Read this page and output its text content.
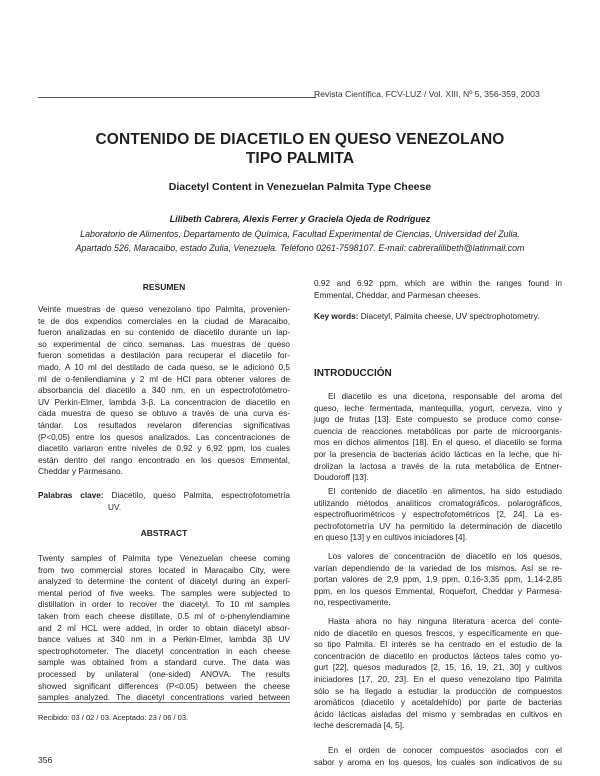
Revista Científica, FCV-LUZ / Vol. XIII, Nº 5, 356-359, 2003
CONTENIDO DE DIACETILO EN QUESO VENEZOLANO
TIPO PALMITA
Diacetyl Content in Venezuelan Palmita Type Cheese
Lilibeth Cabrera, Alexis Ferrer y Graciela Ojeda de Rodríguez
Laboratorio de Alimentos, Departamento de Química, Facultad Experimental de Ciencias, Universidad del Zulia.
Apartado 526, Maracaibo, estado Zulia, Venezuela. Teléfono 0261-7598107. E-mail: cabreralilibeth@latinmail.com
RESUMEN
Veinte muestras de queso venezolano tipo Palmita, provenien-
te de dos expendios comerciales en la ciudad de Maracaibo,
fueron analizadas en su contenido de diacetilo durante un lap-
so experimental de cinco semanas. Las muestras de queso
fueron sometidas a destilación para recuperar el diacetilo for-
mado. A 10 ml del destilado de cada queso, se le adicionó 0,5
ml de o-fenilendiamina y 2 ml de HCl para obtener valores de
absorbancia del diacetilo a 340 nm, en un espectrofotómetro-
UV Perkin-Elmer, lambda 3-β. La concentracion de diacetilo en
cada muestra de queso se obtuvo a través de una curva es-
tándar. Los resultados revelaron diferencias significativas
(P<0,05) entre los quesos analizados. Las concentraciones de
diacetilo variaron entre niveles de 0,92 y 6,92 ppm, los cuales
están dentro del rango encontrado en los quesos Emmental,
Cheddar y Parmesano.
Palabras clave: Diacetilo, queso Palmita, espectrofotometría
UV.
ABSTRACT
Twenty samples of Palmita type Venezuelan cheese coming
from two commercial stores located in Maracaibo City, were
analyzed to determine the content of diacetyl during an experi-
mental period of five weeks. The samples were subjected to
distillation in order to recover the diacetyl. To 10 ml samples
taken from each cheese distillate, 0.5 ml of o-phenylendiamine
and 2 ml HCL were added, in order to obtain diacetyl absor-
bance values at 340 nm in a Perkin-Elmer, lambda 3β UV
spectrophotometer. The diacetyl concentration in each cheese
sample was obtained from a standard curve. The data was
processed by unilateral (one-sided) ANOVA. The results
showed significant differences (P<0.05) between the cheese
samples analyzed. The diacetyl concentrations varied between
Recibido: 03 / 02 / 03. Aceptado: 23 / 06 / 03.
356
0.92 and 6.92 ppm, which are within the ranges found in
Emmental, Cheddar, and Parmesan cheeses.
Key words: Diacetyl, Palmita cheese, UV spectrophotometry.
INTRODUCCIÓN
El diacetilo es una dicetona, responsable del aroma del
queso, leche fermentada, mantequilla, yogurt, cerveza, vino y
jugo de frutas [13]. Este compuesto se produce como conse-
cuencia de reacciones metabólicas por parte de microorganis-
mos en dichos alimentos [18]. En el queso, el diacetilo se forma
por la presencia de bacterias ácido lácticas en la leche, que hi-
drolizan la lactosa a través de la ruta metabólica de Entner-
Doudoroff [13].
El contenido de diacetilo en alimentos, ha sido estudiado
utilizando métodos analíticos cromatográficos, polarográficos,
espectrofluorimétricos y espectrofotométricos [2, 24]. La es-
pectrofotometría UV ha permitido la determinación de diacetilo
en queso [13] y en cultivos iniciadores [4].
Los valores de concentración de diacetilo en los quesos,
varían dependiendo de la variedad de los mismos. Así se re-
portan valores de 2,9 ppm, 1,9 ppm, 0,16-3,35 ppm, 1,14-2,85
ppm, en los quesos Emmental, Roquefort, Cheddar y Parmesa-
no, respectivamente.
Hasta ahora no hay ninguna literatura acerca del conte-
nido de diacetilo en quesos frescos, y específicamente en que-
so tipo Palmita. El interés se ha centrado en el estudio de la
concentración de diacetilo en productos lácteos tales como yo-
gurt [22], quesos madurados [2, 15, 16, 19, 21, 30] y cultivos
iniciadores [17, 20, 23]. En el queso venezolano tipo Palmita
sólo se ha llegado a estudiar la producción de compuestos
aromáticos (diacetilo y acetaldehído) por parte de bacterias
ácido lácticas aisladas del mismo y sembradas en cultivos en
leche descremada [4, 5].
En el orden de conocer compuestos asociados con el
sabor y aroma en los quesos, los cuales son indicativos de su
